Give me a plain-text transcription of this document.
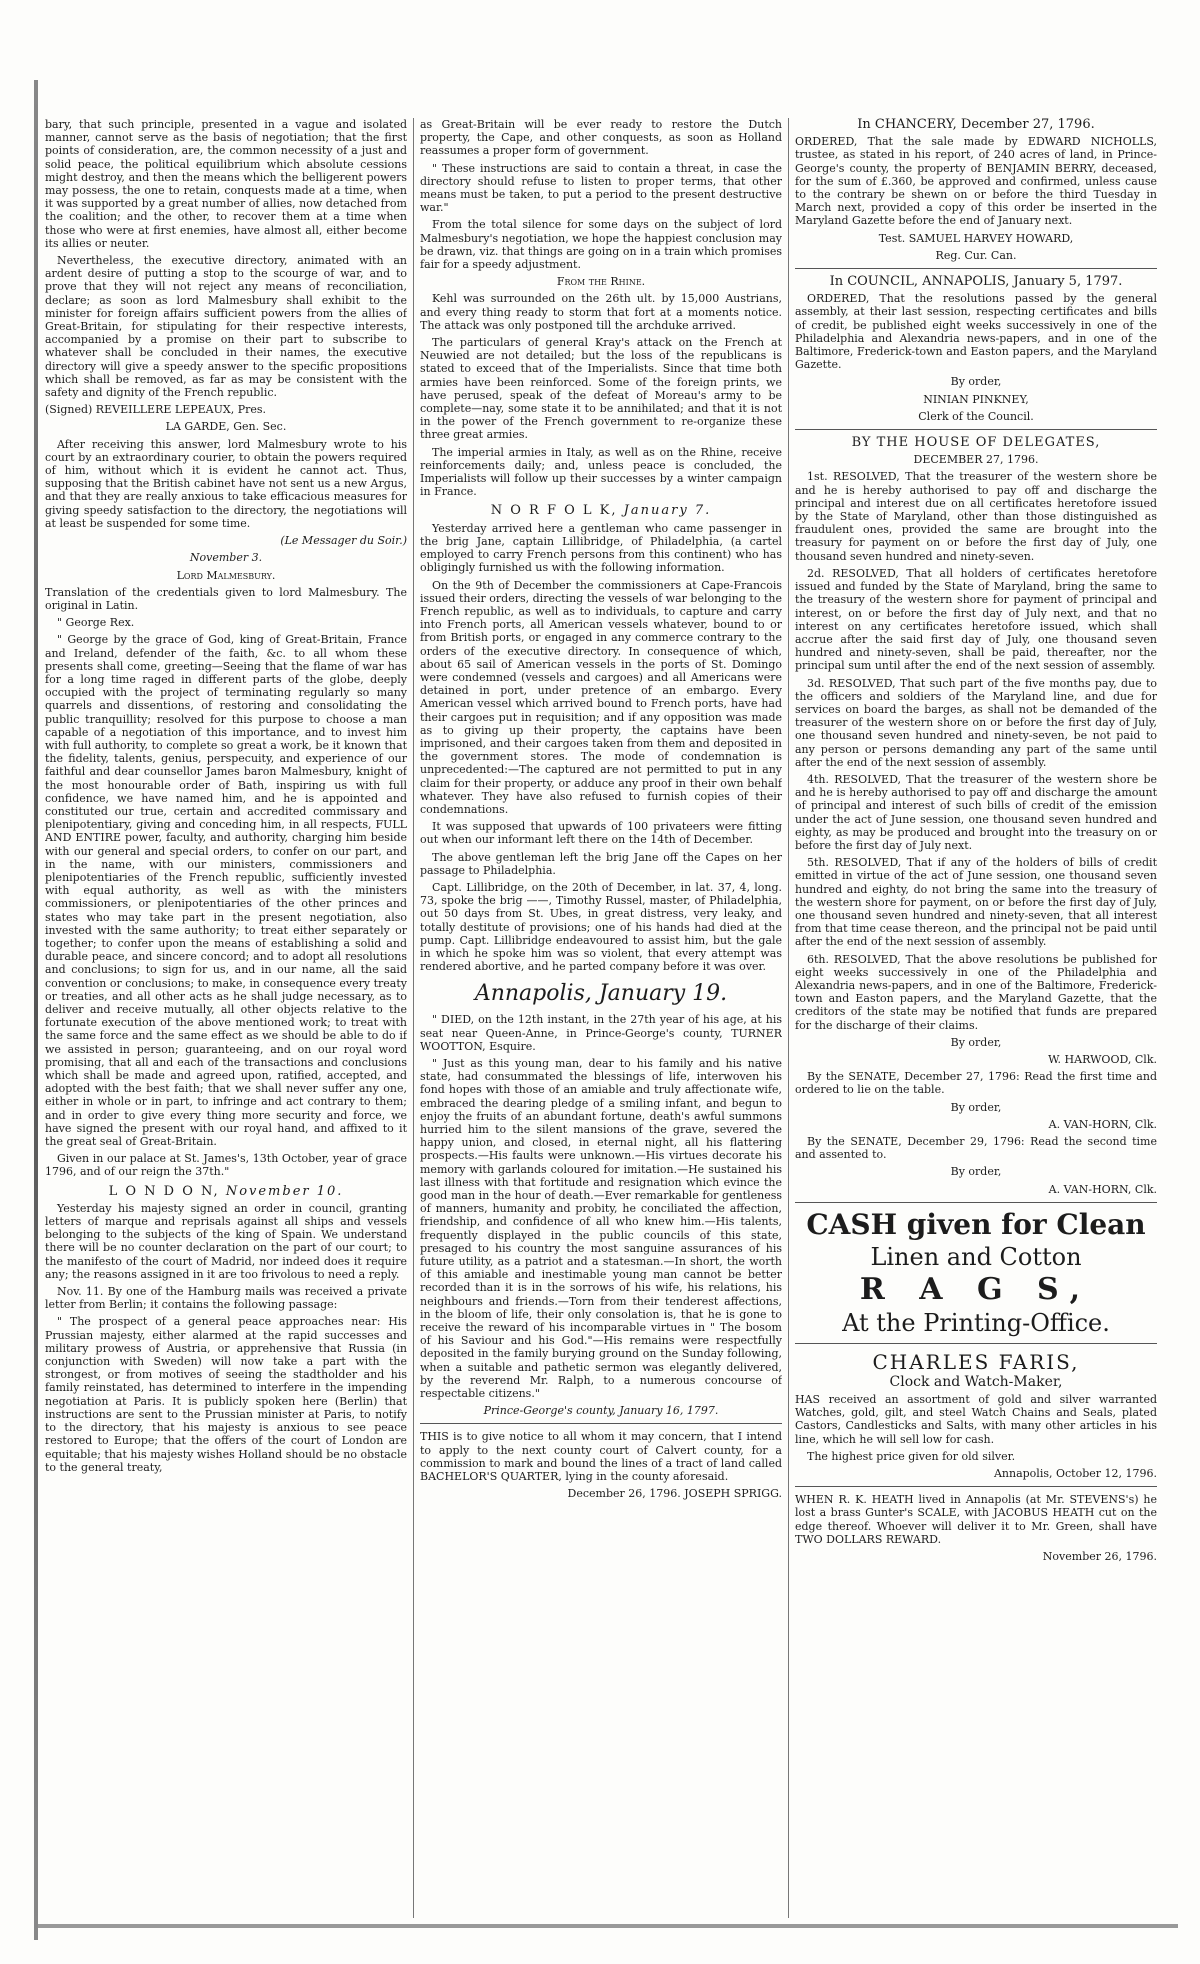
bary, that such principle, presented in a vague and isolated manner, cannot serve as the basis of negotiation; that the first points of consideration, are, the common necessity of a just and solid peace, the political equilibrium which absolute cessions might destroy, and then the means which the belligerent powers may possess, the one to retain, conquests made at a time, when it was supported by a great number of allies, now detached from the coalition; and the other, to recover them at a time when those who were at first enemies, have almost all, either become its allies or neuter.

Nevertheless, the executive directory, animated with an ardent desire of putting a stop to the scourge of war, and to prove that they will not reject any means of reconciliation, declare; as soon as lord Malmesbury shall exhibit to the minister for foreign affairs sufficient powers from the allies of Great-Britain, for stipulating for their respective interests, accompanied by a promise on their part to subscribe to whatever shall be concluded in their names, the executive directory will give a speedy answer to the specific propositions which shall be removed, as far as may be consistent with the safety and dignity of the French republic.

(Signed) REVEILLERE LEPEAUX, Pres.

LA GARDE, Gen. Sec.

After receiving this answer, lord Malmesbury wrote to his court by an extraordinary courier, to obtain the powers required of him, without which it is evident he cannot act. Thus, supposing that the British cabinet have not sent us a new Argus, and that they are really anxious to take efficacious measures for giving speedy satisfaction to the directory, the negotiations will at least be suspended for some time.

(Le Messager du Soir.)

November 3.

Lord Malmesbury.

Translation of the credentials given to lord Malmesbury. The original in Latin.

" George Rex.

" George by the grace of God, king of Great-Britain, France and Ireland, defender of the faith, &c. to all whom these presents shall come, greeting—Seeing that the flame of war has for a long time raged in different parts of the globe, deeply occupied with the project of terminating regularly so many quarrels and dissentions, of restoring and consolidating the public tranquillity; resolved for this purpose to choose a man capable of a negotiation of this importance, and to invest him with full authority, to complete so great a work, be it known that the fidelity, talents, genius, perspecuity, and experience of our faithful and dear counsellor James baron Malmesbury, knight of the most honourable order of Bath, inspiring us with full confidence, we have named him, and he is appointed and constituted our true, certain and accredited commissary and plenipotentiary, giving and conceding him, in all respects, FULL AND ENTIRE power, faculty, and authority, charging him beside with our general and special orders, to confer on our part, and in the name, with our ministers, commissioners and plenipotentiaries of the French republic, sufficiently invested with equal authority, as well as with the ministers commissioners, or plenipotentiaries of the other princes and states who may take part in the present negotiation, also invested with the same authority; to treat either separately or together; to confer upon the means of establishing a solid and durable peace, and sincere concord; and to adopt all resolutions and conclusions; to sign for us, and in our name, all the said convention or conclusions; to make, in consequence every treaty or treaties, and all other acts as he shall judge necessary, as to deliver and receive mutually, all other objects relative to the fortunate execution of the above mentioned work; to treat with the same force and the same effect as we should be able to do if we assisted in person; guaranteeing, and on our royal word promising, that all and each of the transactions and conclusions which shall be made and agreed upon, ratified, accepted, and adopted with the best faith; that we shall never suffer any one, either in whole or in part, to infringe and act contrary to them; and in order to give every thing more security and force, we have signed the present with our royal hand, and affixed to it the great seal of Great-Britain.

Given in our palace at St. James's, 13th October, year of grace 1796, and of our reign the 37th."

L O N D O N, November 10.

Yesterday his majesty signed an order in council, granting letters of marque and reprisals against all ships and vessels belonging to the subjects of the king of Spain. We understand there will be no counter declaration on the part of our court; to the manifesto of the court of Madrid, nor indeed does it require any; the reasons assigned in it are too frivolous to need a reply.

Nov. 11. By one of the Hamburg mails was received a private letter from Berlin; it contains the following passage:

" The prospect of a general peace approaches near: His Prussian majesty, either alarmed at the rapid successes and military prowess of Austria, or apprehensive that Russia (in conjunction with Sweden) will now take a part with the strongest, or from motives of seeing the stadtholder and his family reinstated, has determined to interfere in the impending negotiation at Paris. It is publicly spoken here (Berlin) that instructions are sent to the Prussian minister at Paris, to notify to the directory, that his majesty is anxious to see peace restored to Europe; that the offers of the court of London are equitable; that his majesty wishes Holland should be no obstacle to the general treaty,

as Great-Britain will be ever ready to restore the Dutch property, the Cape, and other conquests, as soon as Holland reassumes a proper form of government.

" These instructions are said to contain a threat, in case the directory should refuse to listen to proper terms, that other means must be taken, to put a period to the present destructive war."

From the total silence for some days on the subject of lord Malmesbury's negotiation, we hope the happiest conclusion may be drawn, viz. that things are going on in a train which promises fair for a speedy adjustment.

From the Rhine.

Kehl was surrounded on the 26th ult. by 15,000 Austrians, and every thing ready to storm that fort at a moments notice. The attack was only postponed till the archduke arrived.

The particulars of general Kray's attack on the French at Neuwied are not detailed; but the loss of the republicans is stated to exceed that of the Imperialists. Since that time both armies have been reinforced. Some of the foreign prints, we have perused, speak of the defeat of Moreau's army to be complete—nay, some state it to be annihilated; and that it is not in the power of the French government to re-organize these three great armies.

The imperial armies in Italy, as well as on the Rhine, receive reinforcements daily; and, unless peace is concluded, the Imperialists will follow up their successes by a winter campaign in France.

N O R F O L K, January 7.

Yesterday arrived here a gentleman who came passenger in the brig Jane, captain Lillibridge, of Philadelphia, (a cartel employed to carry French persons from this continent) who has obligingly furnished us with the following information.

On the 9th of December the commissioners at Cape-Francois issued their orders, directing the vessels of war belonging to the French republic, as well as to individuals, to capture and carry into French ports, all American vessels whatever, bound to or from British ports, or engaged in any commerce contrary to the orders of the executive directory. In consequence of which, about 65 sail of American vessels in the ports of St. Domingo were condemned (vessels and cargoes) and all Americans were detained in port, under pretence of an embargo. Every American vessel which arrived bound to French ports, have had their cargoes put in requisition; and if any opposition was made as to giving up their property, the captains have been imprisoned, and their cargoes taken from them and deposited in the government stores. The mode of condemnation is unprecedented:—The captured are not permitted to put in any claim for their property, or adduce any proof in their own behalf whatever. They have also refused to furnish copies of their condemnations.

It was supposed that upwards of 100 privateers were fitting out when our informant left there on the 14th of December.

The above gentleman left the brig Jane off the Capes on her passage to Philadelphia.

Capt. Lillibridge, on the 20th of December, in lat. 37, 4, long. 73, spoke the brig ——, Timothy Russel, master, of Philadelphia, out 50 days from St. Ubes, in great distress, very leaky, and totally destitute of provisions; one of his hands had died at the pump. Capt. Lillibridge endeavoured to assist him, but the gale in which he spoke him was so violent, that every attempt was rendered abortive, and he parted company before it was over.

Annapolis, January 19.

" DIED, on the 12th instant, in the 27th year of his age, at his seat near Queen-Anne, in Prince-George's county, TURNER WOOTTON, Esquire.

" Just as this young man, dear to his family and his native state, had consummated the blessings of life, interwoven his fond hopes with those of an amiable and truly affectionate wife, embraced the dearing pledge of a smiling infant, and begun to enjoy the fruits of an abundant fortune, death's awful summons hurried him to the silent mansions of the grave, severed the happy union, and closed, in eternal night, all his flattering prospects.—His faults were unknown.—His virtues decorate his memory with garlands coloured for imitation.—He sustained his last illness with that fortitude and resignation which evince the good man in the hour of death.—Ever remarkable for gentleness of manners, humanity and probity, he conciliated the affection, friendship, and confidence of all who knew him.—His talents, frequently displayed in the public councils of this state, presaged to his country the most sanguine assurances of his future utility, as a patriot and a statesman.—In short, the worth of this amiable and inestimable young man cannot be better recorded than it is in the sorrows of his wife, his relations, his neighbours and friends.—Torn from their tenderest affections, in the bloom of life, their only consolation is, that he is gone to receive the reward of his incomparable virtues in " The bosom of his Saviour and his God."—His remains were respectfully deposited in the family burying ground on the Sunday following, when a suitable and pathetic sermon was elegantly delivered, by the reverend Mr. Ralph, to a numerous concourse of respectable citizens."

Prince-George's county, January 16, 1797.

THIS is to give notice to all whom it may concern, that I intend to apply to the next county court of Calvert county, for a commission to mark and bound the lines of a tract of land called BACHELOR'S QUARTER, lying in the county aforesaid.

December 26, 1796. JOSEPH SPRIGG.

In CHANCERY, December 27, 1796.

ORDERED, That the sale made by EDWARD NICHOLLS, trustee, as stated in his report, of 240 acres of land, in Prince-George's county, the property of BENJAMIN BERRY, deceased, for the sum of £.360, be approved and confirmed, unless cause to the contrary be shewn on or before the third Tuesday in March next, provided a copy of this order be inserted in the Maryland Gazette before the end of January next.

Test. SAMUEL HARVEY HOWARD,

Reg. Cur. Can.

In COUNCIL, ANNAPOLIS, January 5, 1797.

ORDERED, That the resolutions passed by the general assembly, at their last session, respecting certificates and bills of credit, be published eight weeks successively in one of the Philadelphia and Alexandria news-papers, and in one of the Baltimore, Frederick-town and Easton papers, and the Maryland Gazette.

By order,

NINIAN PINKNEY,

Clerk of the Council.

BY THE HOUSE OF DELEGATES,

DECEMBER 27, 1796.

1st. RESOLVED, That the treasurer of the western shore be and he is hereby authorised to pay off and discharge the principal and interest due on all certificates heretofore issued by the State of Maryland, other than those distinguished as fraudulent ones, provided the same are brought into the treasury for payment on or before the first day of July, one thousand seven hundred and ninety-seven.

2d. RESOLVED, That all holders of certificates heretofore issued and funded by the State of Maryland, bring the same to the treasury of the western shore for payment of principal and interest, on or before the first day of July next, and that no interest on any certificates heretofore issued, which shall accrue after the said first day of July, one thousand seven hundred and ninety-seven, shall be paid, thereafter, nor the principal sum until after the end of the next session of assembly.

3d. RESOLVED, That such part of the five months pay, due to the officers and soldiers of the Maryland line, and due for services on board the barges, as shall not be demanded of the treasurer of the western shore on or before the first day of July, one thousand seven hundred and ninety-seven, be not paid to any person or persons demanding any part of the same until after the end of the next session of assembly.

4th. RESOLVED, That the treasurer of the western shore be and he is hereby authorised to pay off and discharge the amount of principal and interest of such bills of credit of the emission under the act of June session, one thousand seven hundred and eighty, as may be produced and brought into the treasury on or before the first day of July next.

5th. RESOLVED, That if any of the holders of bills of credit emitted in virtue of the act of June session, one thousand seven hundred and eighty, do not bring the same into the treasury of the western shore for payment, on or before the first day of July, one thousand seven hundred and ninety-seven, that all interest from that time cease thereon, and the principal not be paid until after the end of the next session of assembly.

6th. RESOLVED, That the above resolutions be published for eight weeks successively in one of the Philadelphia and Alexandria news-papers, and in one of the Baltimore, Frederick-town and Easton papers, and the Maryland Gazette, that the creditors of the state may be notified that funds are prepared for the discharge of their claims.

By order,

W. HARWOOD, Clk.

By the SENATE, December 27, 1796: Read the first time and ordered to lie on the table.

By order,

A. VAN-HORN, Clk.

By the SENATE, December 29, 1796: Read the second time and assented to.

By order,

A. VAN-HORN, Clk.

CASH given for Clean

Linen and Cotton

R A G S,

At the Printing-Office.

CHARLES FARIS,

Clock and Watch-Maker,

HAS received an assortment of gold and silver warranted Watches, gold, gilt, and steel Watch Chains and Seals, plated Castors, Candlesticks and Salts, with many other articles in his line, which he will sell low for cash.

The highest price given for old silver.

Annapolis, October 12, 1796.

WHEN R. K. HEATH lived in Annapolis (at Mr. STEVENS's) he lost a brass Gunter's SCALE, with JACOBUS HEATH cut on the edge thereof. Whoever will deliver it to Mr. Green, shall have TWO DOLLARS REWARD.

November 26, 1796.
